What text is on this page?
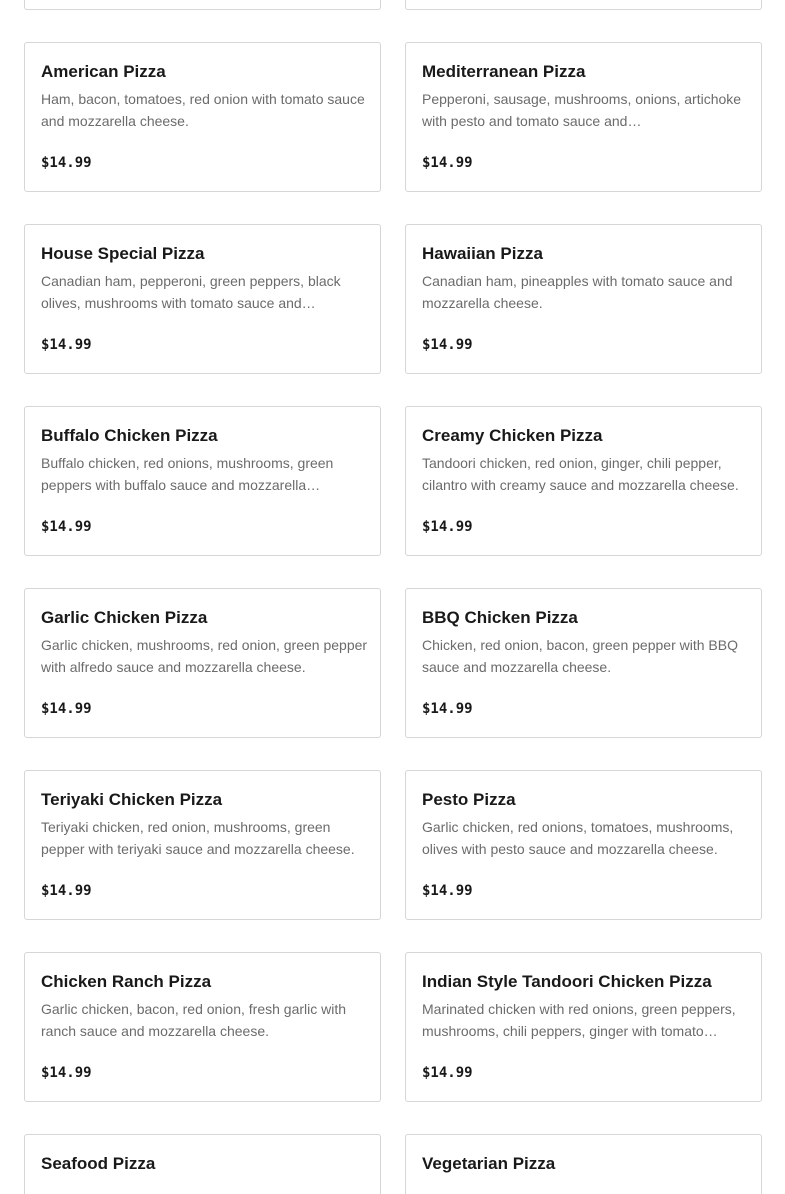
American Pizza
Ham, bacon, tomatoes, red onion with tomato sauce and mozzarella cheese.
$14.99
Mediterranean Pizza
Pepperoni, sausage, mushrooms, onions, artichoke with pesto and tomato sauce and…
$14.99
House Special Pizza
Canadian ham, pepperoni, green peppers, black olives, mushrooms with tomato sauce and…
$14.99
Hawaiian Pizza
Canadian ham, pineapples with tomato sauce and mozzarella cheese.
$14.99
Buffalo Chicken Pizza
Buffalo chicken, red onions, mushrooms, green peppers with buffalo sauce and mozzarella…
$14.99
Creamy Chicken Pizza
Tandoori chicken, red onion, ginger, chili pepper, cilantro with creamy sauce and mozzarella cheese.
$14.99
Garlic Chicken Pizza
Garlic chicken, mushrooms, red onion, green pepper with alfredo sauce and mozzarella cheese.
$14.99
BBQ Chicken Pizza
Chicken, red onion, bacon, green pepper with BBQ sauce and mozzarella cheese.
$14.99
Teriyaki Chicken Pizza
Teriyaki chicken, red onion, mushrooms, green pepper with teriyaki sauce and mozzarella cheese.
$14.99
Pesto Pizza
Garlic chicken, red onions, tomatoes, mushrooms, olives with pesto sauce and mozzarella cheese.
$14.99
Chicken Ranch Pizza
Garlic chicken, bacon, red onion, fresh garlic with ranch sauce and mozzarella cheese.
$14.99
Indian Style Tandoori Chicken Pizza
Marinated chicken with red onions, green peppers, mushrooms, chili peppers, ginger with tomato…
$14.99
Seafood Pizza	Vegetarian Pizza
